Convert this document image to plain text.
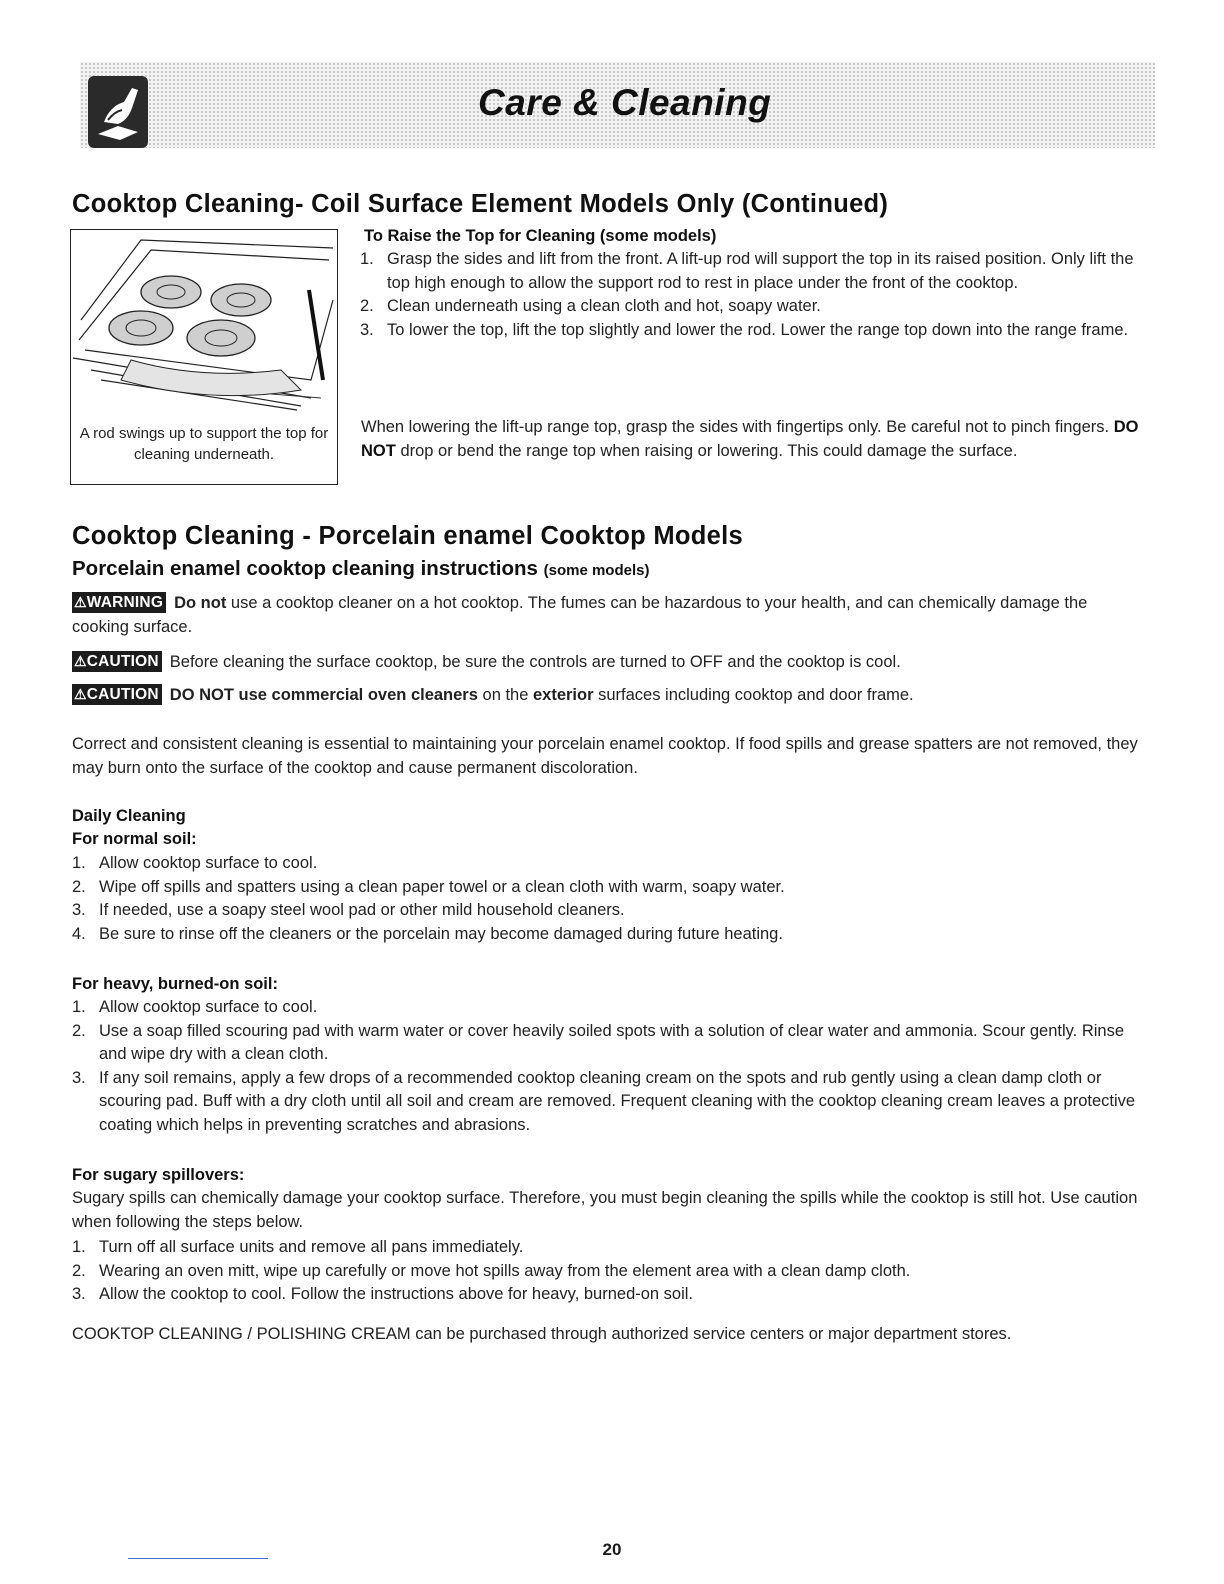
Care & Cleaning
Cooktop Cleaning- Coil Surface Element Models Only (Continued)
A rod swings up to support the top for cleaning underneath.
To Raise the Top for Cleaning (some models)
1. Grasp the sides and lift from the front. A lift-up rod will support the top in its raised position. Only lift the top high enough to allow the support rod to rest in place under the front of the cooktop.
2. Clean underneath using a clean cloth and hot, soapy water.
3. To lower the top, lift the top slightly and lower the rod. Lower the range top down into the range frame.
When lowering the lift-up range top, grasp the sides with fingertips only. Be careful not to pinch fingers. DO NOT drop or bend the range top when raising or lowering. This could damage the surface.
Cooktop Cleaning - Porcelain enamel Cooktop Models
Porcelain enamel cooktop cleaning instructions (some models)
⚠WARNING Do not use a cooktop cleaner on a hot cooktop. The fumes can be hazardous to your health, and can chemically damage the cooking surface.
⚠CAUTION Before cleaning the surface cooktop, be sure the controls are turned to OFF and the cooktop is cool.
⚠CAUTION DO NOT use commercial oven cleaners on the exterior surfaces including cooktop and door frame.
Correct and consistent cleaning is essential to maintaining your porcelain enamel cooktop. If food spills and grease spatters are not removed, they may burn onto the surface of the cooktop and cause permanent discoloration.
Daily Cleaning
For normal soil:
1. Allow cooktop surface to cool.
2. Wipe off spills and spatters using a clean paper towel or a clean cloth with warm, soapy water.
3. If needed, use a soapy steel wool pad or other mild household cleaners.
4. Be sure to rinse off the cleaners or the porcelain may become damaged during future heating.
For heavy, burned-on soil:
1. Allow cooktop surface to cool.
2. Use a soap filled scouring pad with warm water or cover heavily soiled spots with a solution of clear water and ammonia. Scour gently. Rinse and wipe dry with a clean cloth.
3. If any soil remains, apply a few drops of a recommended cooktop cleaning cream on the spots and rub gently using a clean damp cloth or scouring pad. Buff with a dry cloth until all soil and cream are removed. Frequent cleaning with the cooktop cleaning cream leaves a protective coating which helps in preventing scratches and abrasions.
For sugary spillovers:
Sugary spills can chemically damage your cooktop surface. Therefore, you must begin cleaning the spills while the cooktop is still hot. Use caution when following the steps below.
1. Turn off all surface units and remove all pans immediately.
2. Wearing an oven mitt, wipe up carefully or move hot spills away from the element area with a clean damp cloth.
3. Allow the cooktop to cool. Follow the instructions above for heavy, burned-on soil.
COOKTOP CLEANING / POLISHING CREAM can be purchased through authorized service centers or major department stores.
20
